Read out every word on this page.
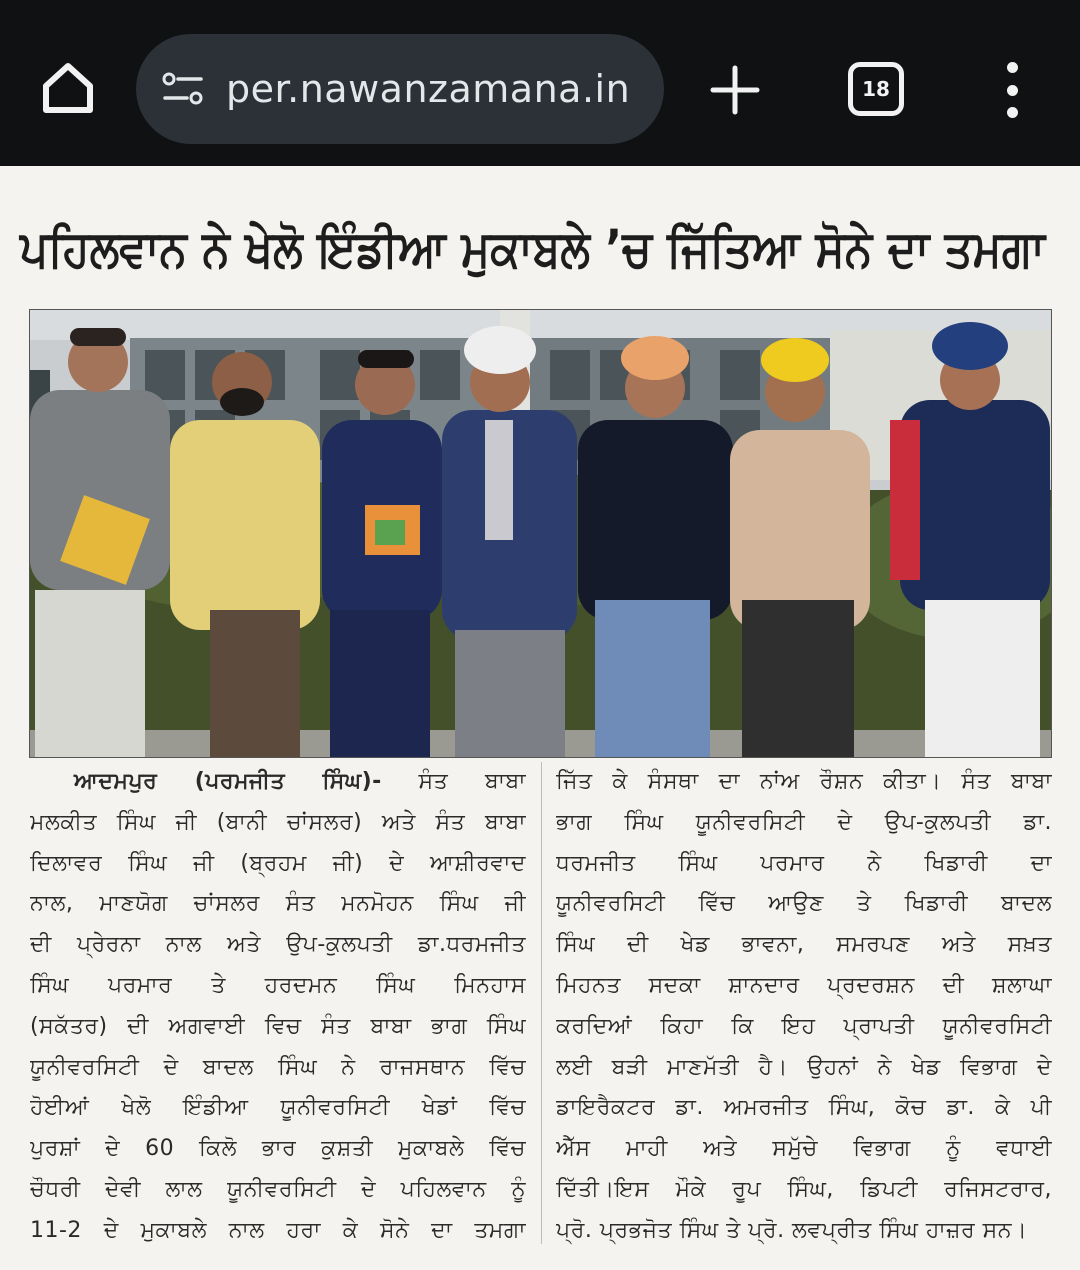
per.nawanzamana.in	18
ਪਹਿਲਵਾਨ ਨੇ ਖੇਲੋ ਇੰਡੀਆ ਮੁਕਾਬਲੇ ’ਚ ਜਿੱਤਿਆ ਸੋਨੇ ਦਾ ਤਮਗਾ
ਆਦਮਪੁਰ (ਪਰਮਜੀਤ ਸਿੰਘ)- ਸੰਤ ਬਾਬਾ
ਮਲਕੀਤ ਸਿੰਘ ਜੀ (ਬਾਨੀ ਚਾਂਸਲਰ) ਅਤੇ ਸੰਤ ਬਾਬਾ
ਦਿਲਾਵਰ ਸਿੰਘ ਜੀ (ਬ੍ਰਹਮ ਜੀ) ਦੇ ਆਸ਼ੀਰਵਾਦ
ਨਾਲ, ਮਾਣਯੋਗ ਚਾਂਸਲਰ ਸੰਤ ਮਨਮੋਹਨ ਸਿੰਘ ਜੀ
ਦੀ ਪ੍ਰੇਰਨਾ ਨਾਲ ਅਤੇ ਉਪ-ਕੁਲਪਤੀ ਡਾ.ਧਰਮਜੀਤ
ਸਿੰਘ ਪਰਮਾਰ ਤੇ ਹਰਦਮਨ ਸਿੰਘ ਮਿਨਹਾਸ
(ਸਕੱਤਰ) ਦੀ ਅਗਵਾਈ ਵਿਚ ਸੰਤ ਬਾਬਾ ਭਾਗ ਸਿੰਘ
ਯੂਨੀਵਰਸਿਟੀ ਦੇ ਬਾਦਲ ਸਿੰਘ ਨੇ ਰਾਜਸਥਾਨ ਵਿੱਚ
ਹੋਈਆਂ ਖੇਲੋ ਇੰਡੀਆ ਯੂਨੀਵਰਸਿਟੀ ਖੇਡਾਂ ਵਿੱਚ
ਪੁਰਸ਼ਾਂ ਦੇ 60 ਕਿਲੋ ਭਾਰ ਕੁਸ਼ਤੀ ਮੁਕਾਬਲੇ ਵਿੱਚ
ਚੌਧਰੀ ਦੇਵੀ ਲਾਲ ਯੂਨੀਵਰਸਿਟੀ ਦੇ ਪਹਿਲਵਾਨ ਨੂੰ
11-2 ਦੇ ਮੁਕਾਬਲੇ ਨਾਲ ਹਰਾ ਕੇ ਸੋਨੇ ਦਾ ਤਮਗਾ
ਜਿੱਤ ਕੇ ਸੰਸਥਾ ਦਾ ਨਾਂਅ ਰੌਸ਼ਨ ਕੀਤਾ। ਸੰਤ ਬਾਬਾ
ਭਾਗ ਸਿੰਘ ਯੂਨੀਵਰਸਿਟੀ ਦੇ ਉਪ-ਕੁਲਪਤੀ ਡਾ.
ਧਰਮਜੀਤ ਸਿੰਘ ਪਰਮਾਰ ਨੇ ਖਿਡਾਰੀ ਦਾ
ਯੂਨੀਵਰਸਿਟੀ ਵਿੱਚ ਆਉਣ ਤੇ ਖਿਡਾਰੀ ਬਾਦਲ
ਸਿੰਘ ਦੀ ਖੇਡ ਭਾਵਨਾ, ਸਮਰਪਣ ਅਤੇ ਸਖ਼ਤ
ਮਿਹਨਤ ਸਦਕਾ ਸ਼ਾਨਦਾਰ ਪ੍ਰਦਰਸ਼ਨ ਦੀ ਸ਼ਲਾਘਾ
ਕਰਦਿਆਂ ਕਿਹਾ ਕਿ ਇਹ ਪ੍ਰਾਪਤੀ ਯੂਨੀਵਰਸਿਟੀ
ਲਈ ਬੜੀ ਮਾਣਮੱਤੀ ਹੈ। ਉਹਨਾਂ ਨੇ ਖੇਡ ਵਿਭਾਗ ਦੇ
ਡਾਇਰੈਕਟਰ ਡਾ. ਅਮਰਜੀਤ ਸਿੰਘ, ਕੋਚ ਡਾ. ਕੇ ਪੀ
ਐੱਸ ਮਾਹੀ ਅਤੇ ਸਮੁੱਚੇ ਵਿਭਾਗ ਨੂੰ ਵਧਾਈ
ਦਿੱਤੀ।ਇਸ ਮੌਕੇ ਰੂਪ ਸਿੰਘ, ਡਿਪਟੀ ਰਜਿਸਟਰਾਰ,
ਪ੍ਰੋ. ਪ੍ਰਭਜੋਤ ਸਿੰਘ ਤੇ ਪ੍ਰੋ. ਲਵਪ੍ਰੀਤ ਸਿੰਘ ਹਾਜ਼ਰ ਸਨ।
